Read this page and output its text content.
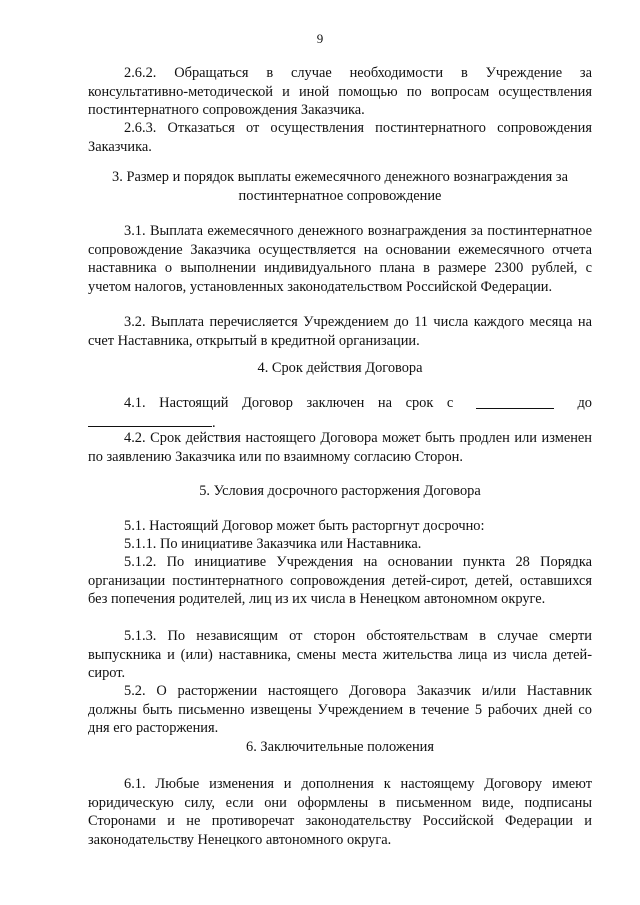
9
2.6.2. Обращаться в случае необходимости в Учреждение за консультативно-методической и иной помощью по вопросам осуществления постинтернатного сопровождения Заказчика.
2.6.3. Отказаться от осуществления постинтернатного сопровождения Заказчика.
3. Размер и порядок выплаты ежемесячного денежного вознаграждения за постинтернатное сопровождение
3.1. Выплата ежемесячного денежного вознаграждения за постинтернатное сопровождение Заказчика осуществляется на основании ежемесячного отчета наставника о выполнении индивидуального плана в размере 2300 рублей, с учетом налогов, установленных законодательством Российской Федерации.
3.2. Выплата перечисляется Учреждением до 11 числа каждого месяца на счет Наставника, открытый в кредитной организации.
4. Срок действия Договора
4.1. Настоящий Договор заключен на срок с	до
.
4.2. Срок действия настоящего Договора может быть продлен или изменен по заявлению Заказчика или по взаимному согласию Сторон.
5. Условия досрочного расторжения Договора
5.1. Настоящий Договор может быть расторгнут досрочно:
5.1.1. По инициативе Заказчика или Наставника.
5.1.2. По инициативе Учреждения на основании пункта 28 Порядка организации постинтернатного сопровождения детей-сирот, детей, оставшихся без попечения родителей, лиц из их числа в Ненецком автономном округе.
5.1.3. По независящим от сторон обстоятельствам в случае смерти выпускника и (или) наставника, смены места жительства лица из числа детей-сирот.
5.2. О расторжении настоящего Договора Заказчик и/или Наставник должны быть письменно извещены Учреждением в течение 5 рабочих дней со дня его расторжения.
6. Заключительные положения
6.1. Любые изменения и дополнения к настоящему Договору имеют юридическую силу, если они оформлены в письменном виде, подписаны Сторонами и не противоречат законодательству Российской Федерации и законодательству Ненецкого автономного округа.
